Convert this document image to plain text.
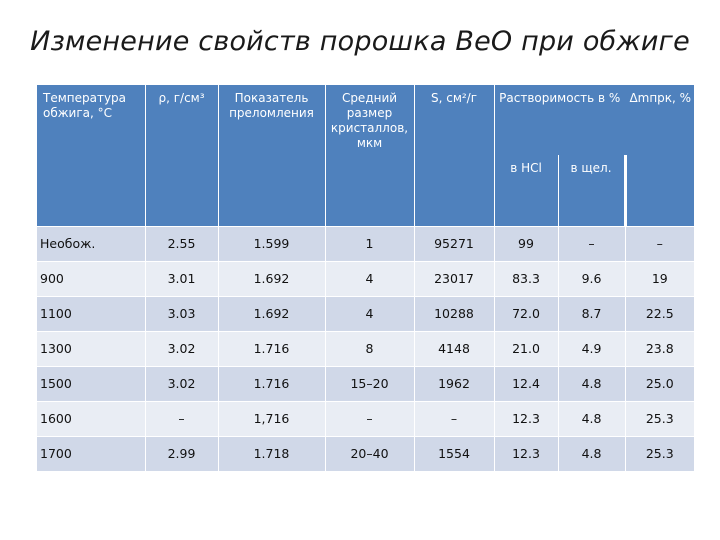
Изменение свойств порошка BeO при обжиге
Температура обжига, °С	ρ, г/см³	Показатель преломления	Средний размер кристаллов, мкм	S, см²/г	Растворимость в %		Δmпрк, %
					в HCl	в щел.	
Необож.	2.55	1.599	1	95271	99	–	–
900	3.01	1.692	4	23017	83.3	9.6	19
1100	3.03	1.692	4	10288	72.0	8.7	22.5
1300	3.02	1.716	8	4148	21.0	4.9	23.8
1500	3.02	1.716	15–20	1962	12.4	4.8	25.0
1600	–	1,716	–	–	12.3	4.8	25.3
1700	2.99	1.718	20–40	1554	12.3	4.8	25.3
